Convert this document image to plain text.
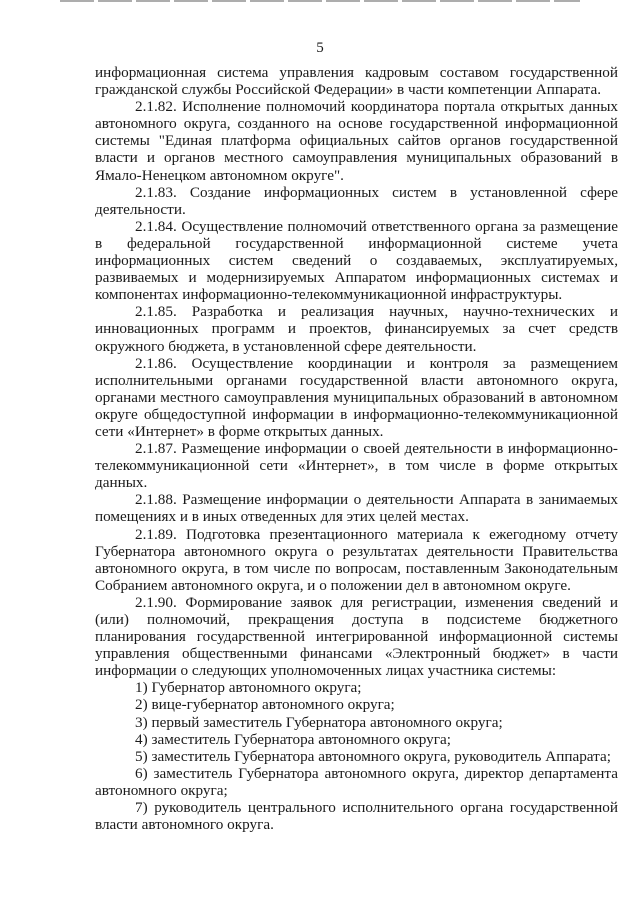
5

информационная система управления кадровым составом государственной гражданской службы Российской Федерации» в части компетенции Аппарата.

2.1.82. Исполнение полномочий координатора портала открытых данных автономного округа, созданного на основе государственной информационной системы "Единая платформа официальных сайтов органов государственной власти и органов местного самоуправления муниципальных образований в Ямало-Ненецком автономном округе".

2.1.83. Создание информационных систем в установленной сфере деятельности.

2.1.84. Осуществление полномочий ответственного органа за размещение в федеральной государственной информационной системе учета информационных систем сведений о создаваемых, эксплуатируемых, развиваемых и модернизируемых Аппаратом информационных системах и компонентах информационно-телекоммуникационной инфраструктуры.

2.1.85. Разработка и реализация научных, научно-технических и инновационных программ и проектов, финансируемых за счет средств окружного бюджета, в установленной сфере деятельности.

2.1.86. Осуществление координации и контроля за размещением исполнительными органами государственной власти автономного округа, органами местного самоуправления муниципальных образований в автономном округе общедоступной информации в информационно-телекоммуникационной сети «Интернет» в форме открытых данных.

2.1.87. Размещение информации о своей деятельности в информационно-телекоммуникационной сети «Интернет», в том числе в форме открытых данных.

2.1.88. Размещение информации о деятельности Аппарата в занимаемых помещениях и в иных отведенных для этих целей местах.

2.1.89. Подготовка презентационного материала к ежегодному отчету Губернатора автономного округа о результатах деятельности Правительства автономного округа, в том числе по вопросам, поставленным Законодательным Собранием автономного округа, и о положении дел в автономном округе.

2.1.90. Формирование заявок для регистрации, изменения сведений и (или) полномочий, прекращения доступа в подсистеме бюджетного планирования государственной интегрированной информационной системы управления общественными финансами «Электронный бюджет» в части информации о следующих уполномоченных лицах участника системы:

1) Губернатор автономного округа;

2) вице-губернатор автономного округа;

3) первый заместитель Губернатора автономного округа;

4) заместитель Губернатора автономного округа;

5) заместитель Губернатора автономного округа, руководитель Аппарата;

6) заместитель Губернатора автономного округа, директор департамента автономного округа;

7) руководитель центрального исполнительного органа государственной власти автономного округа.
